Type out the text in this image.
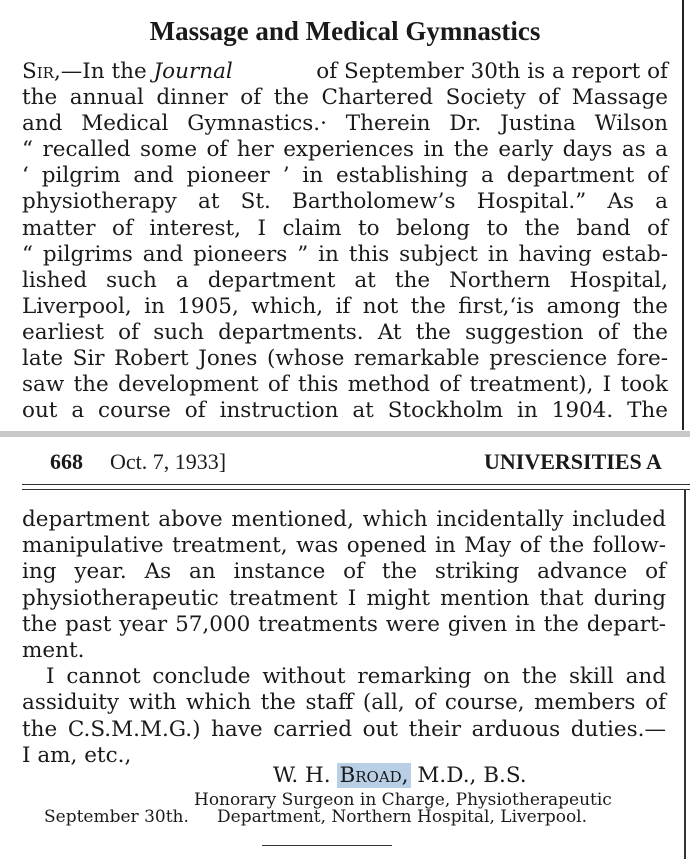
Massage and Medical Gymnastics
Sir,—In the Journal	of September 30th is a report of
the annual dinner of the Chartered Society of Massage
and Medical Gymnastics.· Therein Dr. Justina Wilson
“ recalled some of her experiences in the early days as a
‘ pilgrim and pioneer ’ in establishing a department of
physiotherapy at St. Bartholomew’s Hospital.” As a
matter of interest, I claim to belong to the band of
“ pilgrims and pioneers ” in this subject in having estab-
lished such a department at the Northern Hospital,
Liverpool, in 1905, which, if not the first,‘is among the
earliest of such departments. At the suggestion of the
late Sir Robert Jones (whose remarkable prescience fore-
saw the development of this method of treatment), I took
out a course of instruction at Stockholm in 1904. The
668 Oct. 7, 1933]	UNIVERSITIES A
department above mentioned, which incidentally included
manipulative treatment, was opened in May of the follow-
ing year. As an instance of the striking advance of
physiotherapeutic treatment I might mention that during
the past year 57,000 treatments were given in the depart-
ment.
I cannot conclude without remarking on the skill and
assiduity with which the staff (all, of course, members of
the C.S.M.M.G.) have carried out their arduous duties.—
I am, etc.,
W. H. Broad, M.D., B.S.
Honorary Surgeon in Charge, Physiotherapeutic
September 30th. Department, Northern Hospital, Liverpool.
